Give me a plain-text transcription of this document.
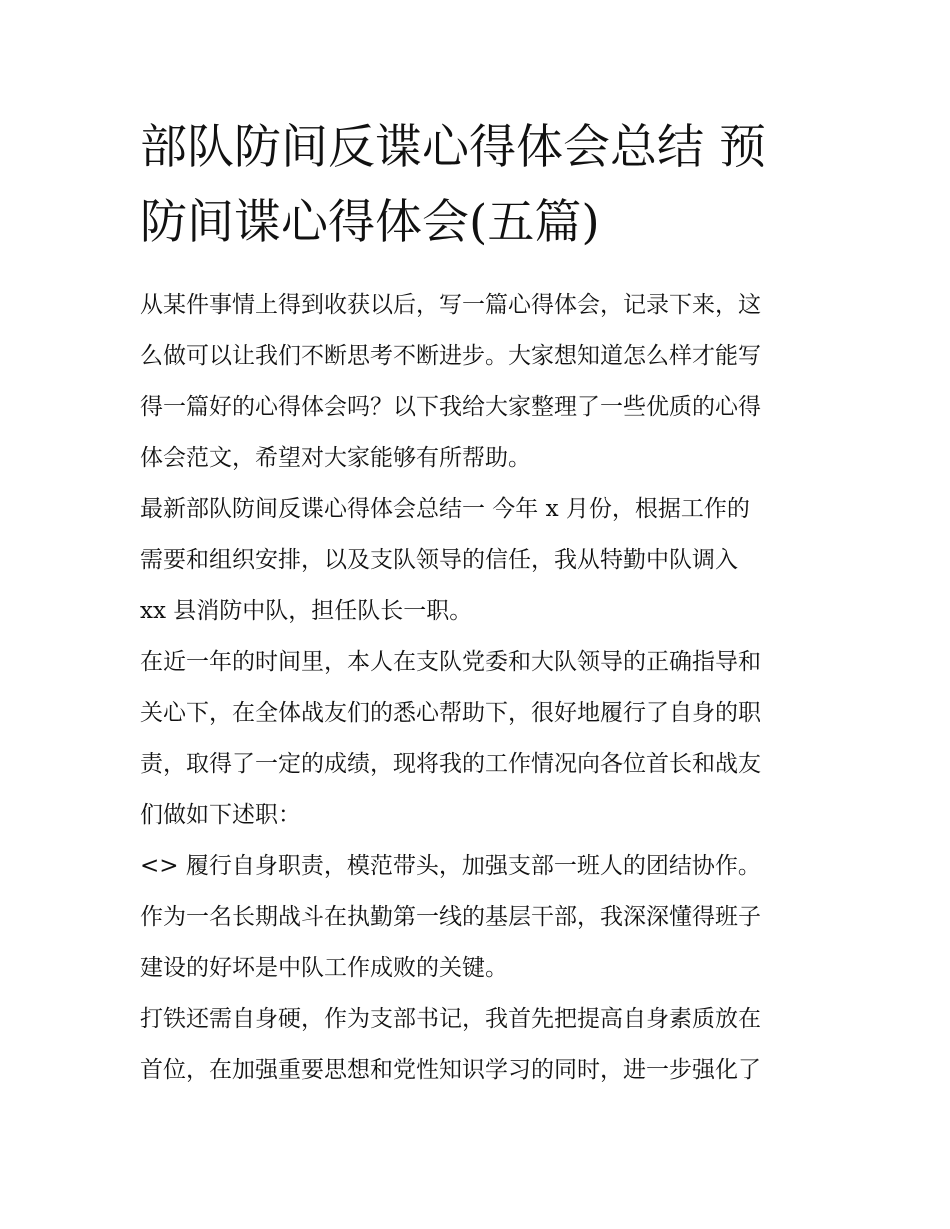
部队防间反谍心得体会总结 预
防间谍心得体会(五篇)
从某件事情上得到收获以后，写一篇心得体会，记录下来，这
么做可以让我们不断思考不断进步。大家想知道怎么样才能写
得一篇好的心得体会吗？以下我给大家整理了一些优质的心得
体会范文，希望对大家能够有所帮助。
最新部队防间反谍心得体会总结一 今年 x 月份，根据工作的
需要和组织安排，以及支队领导的信任，我从特勤中队调入
xx 县消防中队，担任队长一职。
在近一年的时间里，本人在支队党委和大队领导的正确指导和
关心下，在全体战友们的悉心帮助下，很好地履行了自身的职
责，取得了一定的成绩，现将我的工作情况向各位首长和战友
们做如下述职：
<> 履行自身职责，模范带头，加强支部一班人的团结协作。
作为一名长期战斗在执勤第一线的基层干部，我深深懂得班子
建设的好坏是中队工作成败的关键。
打铁还需自身硬，作为支部书记，我首先把提高自身素质放在
首位，在加强重要思想和党性知识学习的同时，进一步强化了
